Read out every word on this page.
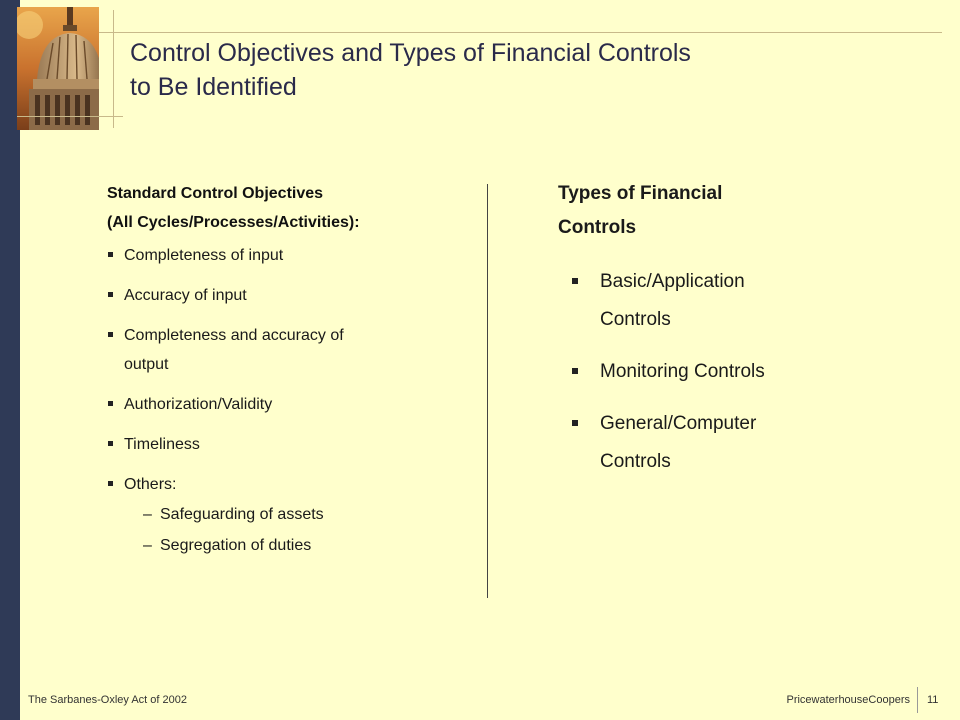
Control Objectives and Types of Financial Controls
to Be Identified
Standard Control Objectives
(All Cycles/Processes/Activities):
Completeness of input
Accuracy of input
Completeness and accuracy of
output
Authorization/Validity
Timeliness
Others:
– Safeguarding of assets
– Segregation of duties
Types of Financial
Controls
Basic/Application
Controls
Monitoring Controls
General/Computer
Controls
The Sarbanes-Oxley Act of 2002	PricewaterhouseCoopers 11
